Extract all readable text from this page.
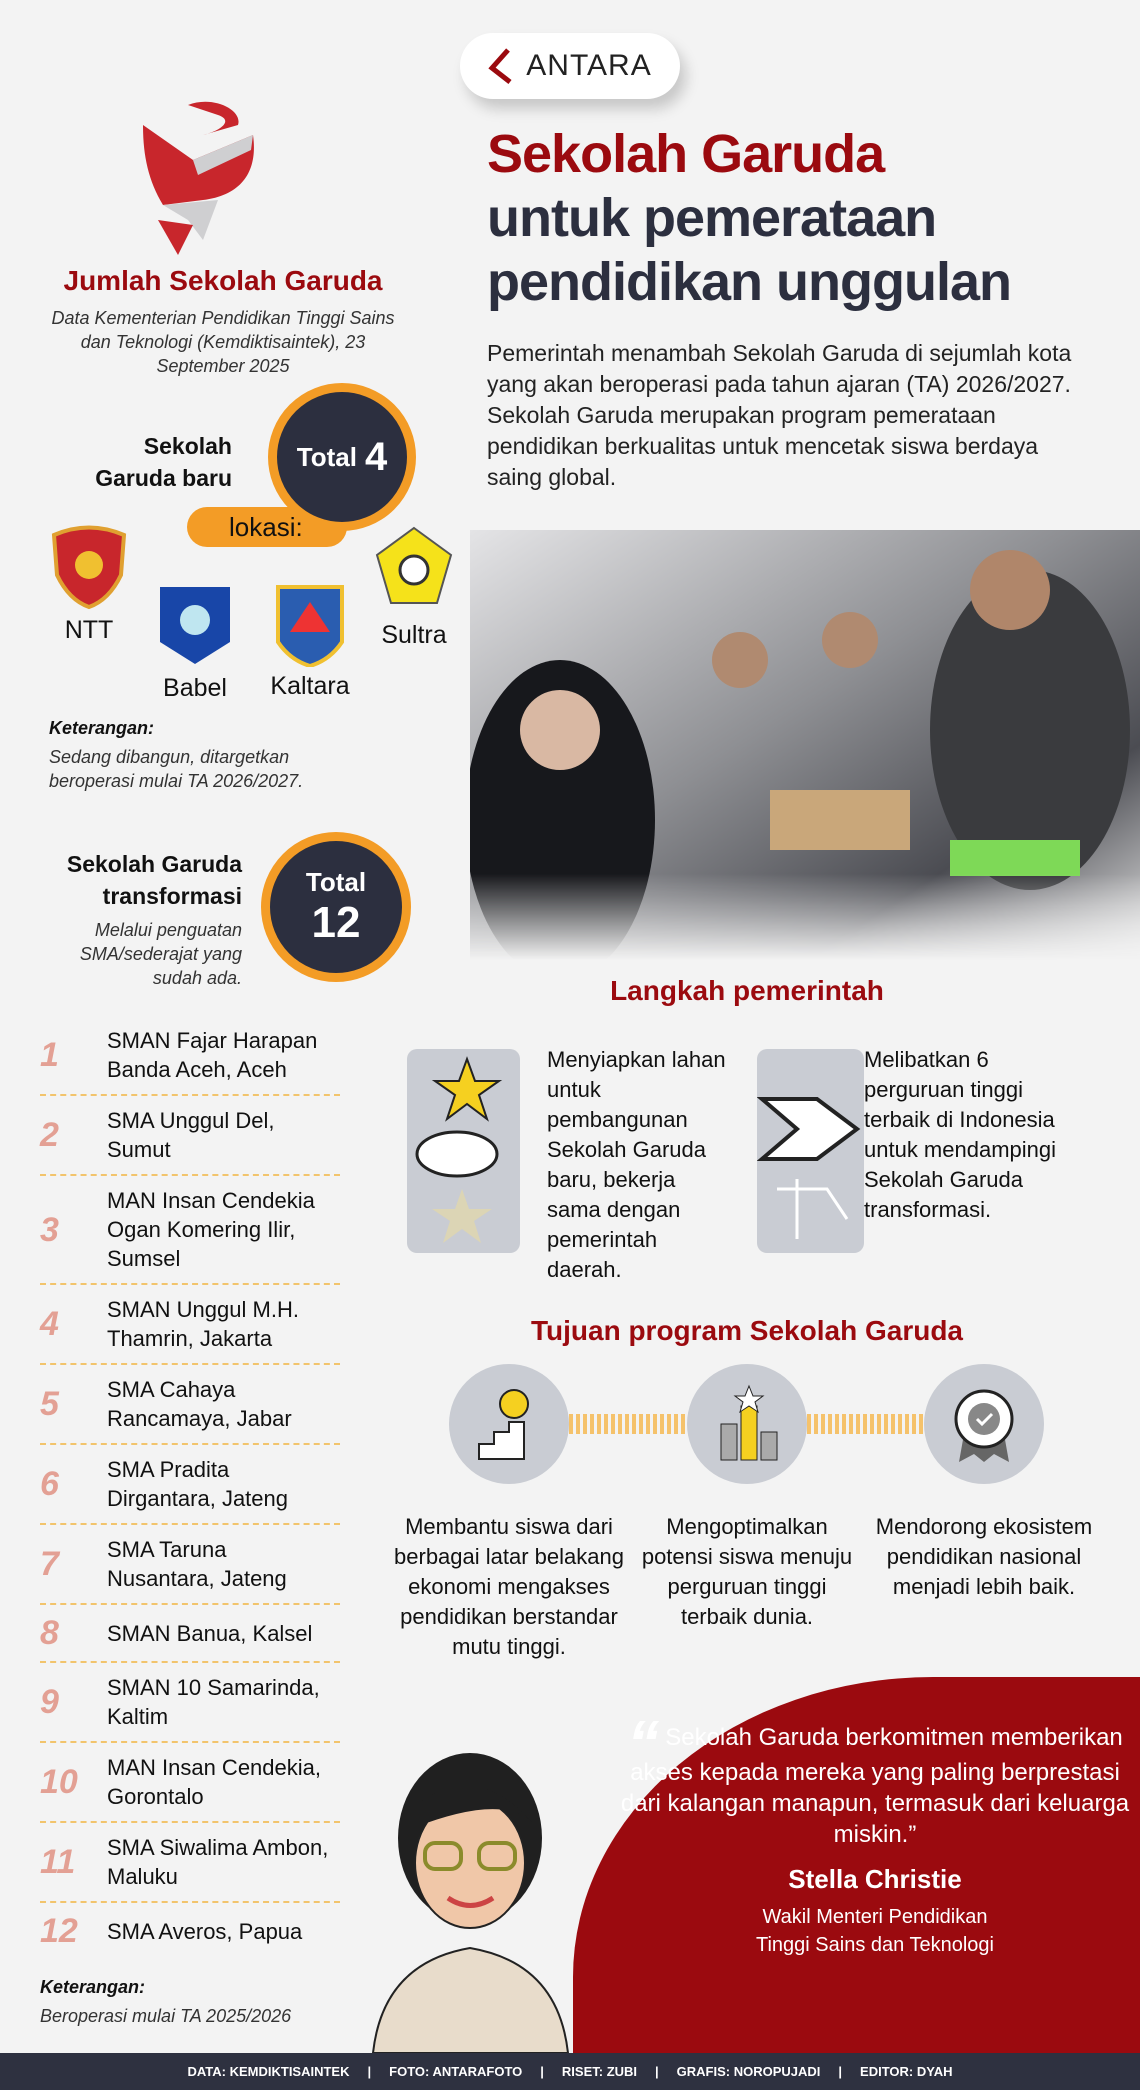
ANTARA
Sekolah Garuda
untuk pemerataan
pendidikan unggulan

Pemerintah menambah Sekolah Garuda di sejumlah kota yang akan beroperasi pada tahun ajaran (TA) 2026/2027. Sekolah Garuda merupakan program pemerataan pendidikan berkualitas untuk mencetak siswa berdaya saing global.

Jumlah Sekolah Garuda
Data Kementerian Pendidikan Tinggi Sains dan Teknologi (Kemdiktisaintek), 23 September 2025
Sekolah Garuda baru
lokasi:
Total 4
NTT
Babel	Kaltara
Sultra
Keterangan:
Sedang dibangun, ditargetkan beroperasi mulai TA 2026/2027.
Sekolah Garuda transformasi
Melalui penguatan SMA/sederajat yang sudah ada.
Total
12
1	SMAN Fajar Harapan Banda Aceh, Aceh
2	SMA Unggul Del, Sumut
3
MAN Insan Cendekia Ogan Komering Ilir, Sumsel
4	SMAN Unggul M.H. Thamrin, Jakarta
5	SMA Cahaya Rancamaya, Jabar
6	SMA Pradita Dirgantara, Jateng
7	SMA Taruna Nusantara, Jateng
8	SMAN Banua, Kalsel
9	SMAN 10 Samarinda, Kaltim
10	MAN Insan Cendekia, Gorontalo
11	SMA Siwalima Ambon, Maluku
12	SMA Averos, Papua
Keterangan:
Beroperasi mulai TA 2025/2026
Langkah pemerintah
Menyiapkan lahan untuk pembangunan Sekolah Garuda baru, bekerja sama dengan pemerintah daerah.
Melibatkan 6 perguruan tinggi terbaik di Indonesia untuk mendampingi Sekolah Garuda transformasi.
Tujuan program Sekolah Garuda
Membantu siswa dari berbagai latar belakang ekonomi mengakses pendidikan berstandar mutu tinggi.
Mengoptimalkan potensi siswa menuju perguruan tinggi terbaik dunia.
Mendorong ekosistem pendidikan nasional menjadi lebih baik.
“ Sekolah Garuda berkomitmen memberikan akses kepada mereka yang paling berprestasi dari kalangan manapun, termasuk dari keluarga miskin.”
Stella Christie
Wakil Menteri Pendidikan
Tinggi Sains dan Teknologi
DATA: KEMDIKTISAINTEK | FOTO: ANTARAFOTO | RISET: ZUBI | GRAFIS: NOROPUJADI | EDITOR: DYAH
